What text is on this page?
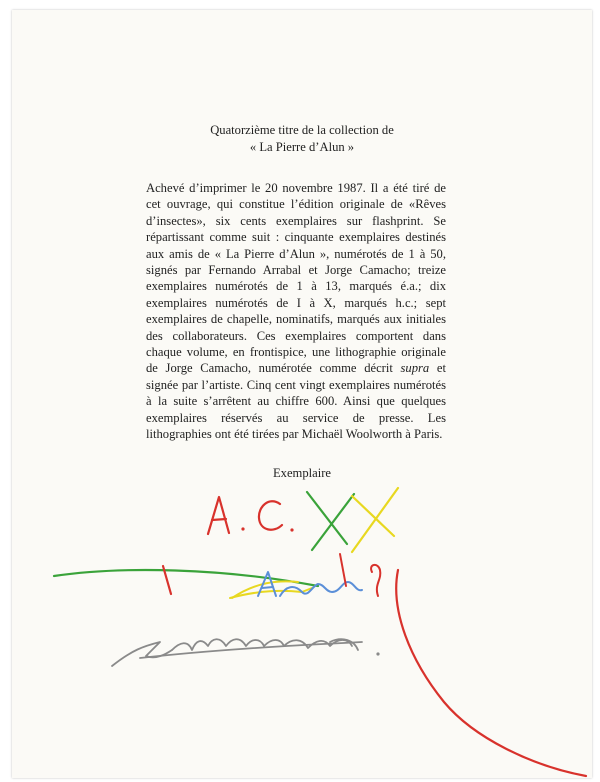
Quatorzième titre de la collection de
« La Pierre d’Alun »

Achevé d’imprimer le 20 novembre 1987. Il a été tiré de cet ouvrage, qui constitue l’édition originale de «Rêves d’insectes», six cents exemplaires sur flashprint. Se répartissant comme suit : cinquante exemplaires destinés aux amis de « La Pierre d’Alun », numérotés de 1 à 50, signés par Fernando Arrabal et Jorge Camacho; treize exemplaires numérotés de 1 à 13, marqués é.a.; dix exemplaires numérotés de I à X, marqués h.c.; sept exemplaires de chapelle, nominatifs, marqués aux initiales des collaborateurs. Ces exemplaires comportent dans chaque volume, en frontispice, une lithographie originale de Jorge Camacho, numérotée comme décrit supra et signée par l’artiste. Cinq cent vingt exemplaires numérotés à la suite s’arrêtent au chiffre 600. Ainsi que quelques exemplaires réservés au service de presse. Les lithographies ont été tirées par Michaël Woolworth à Paris.

Exemplaire
